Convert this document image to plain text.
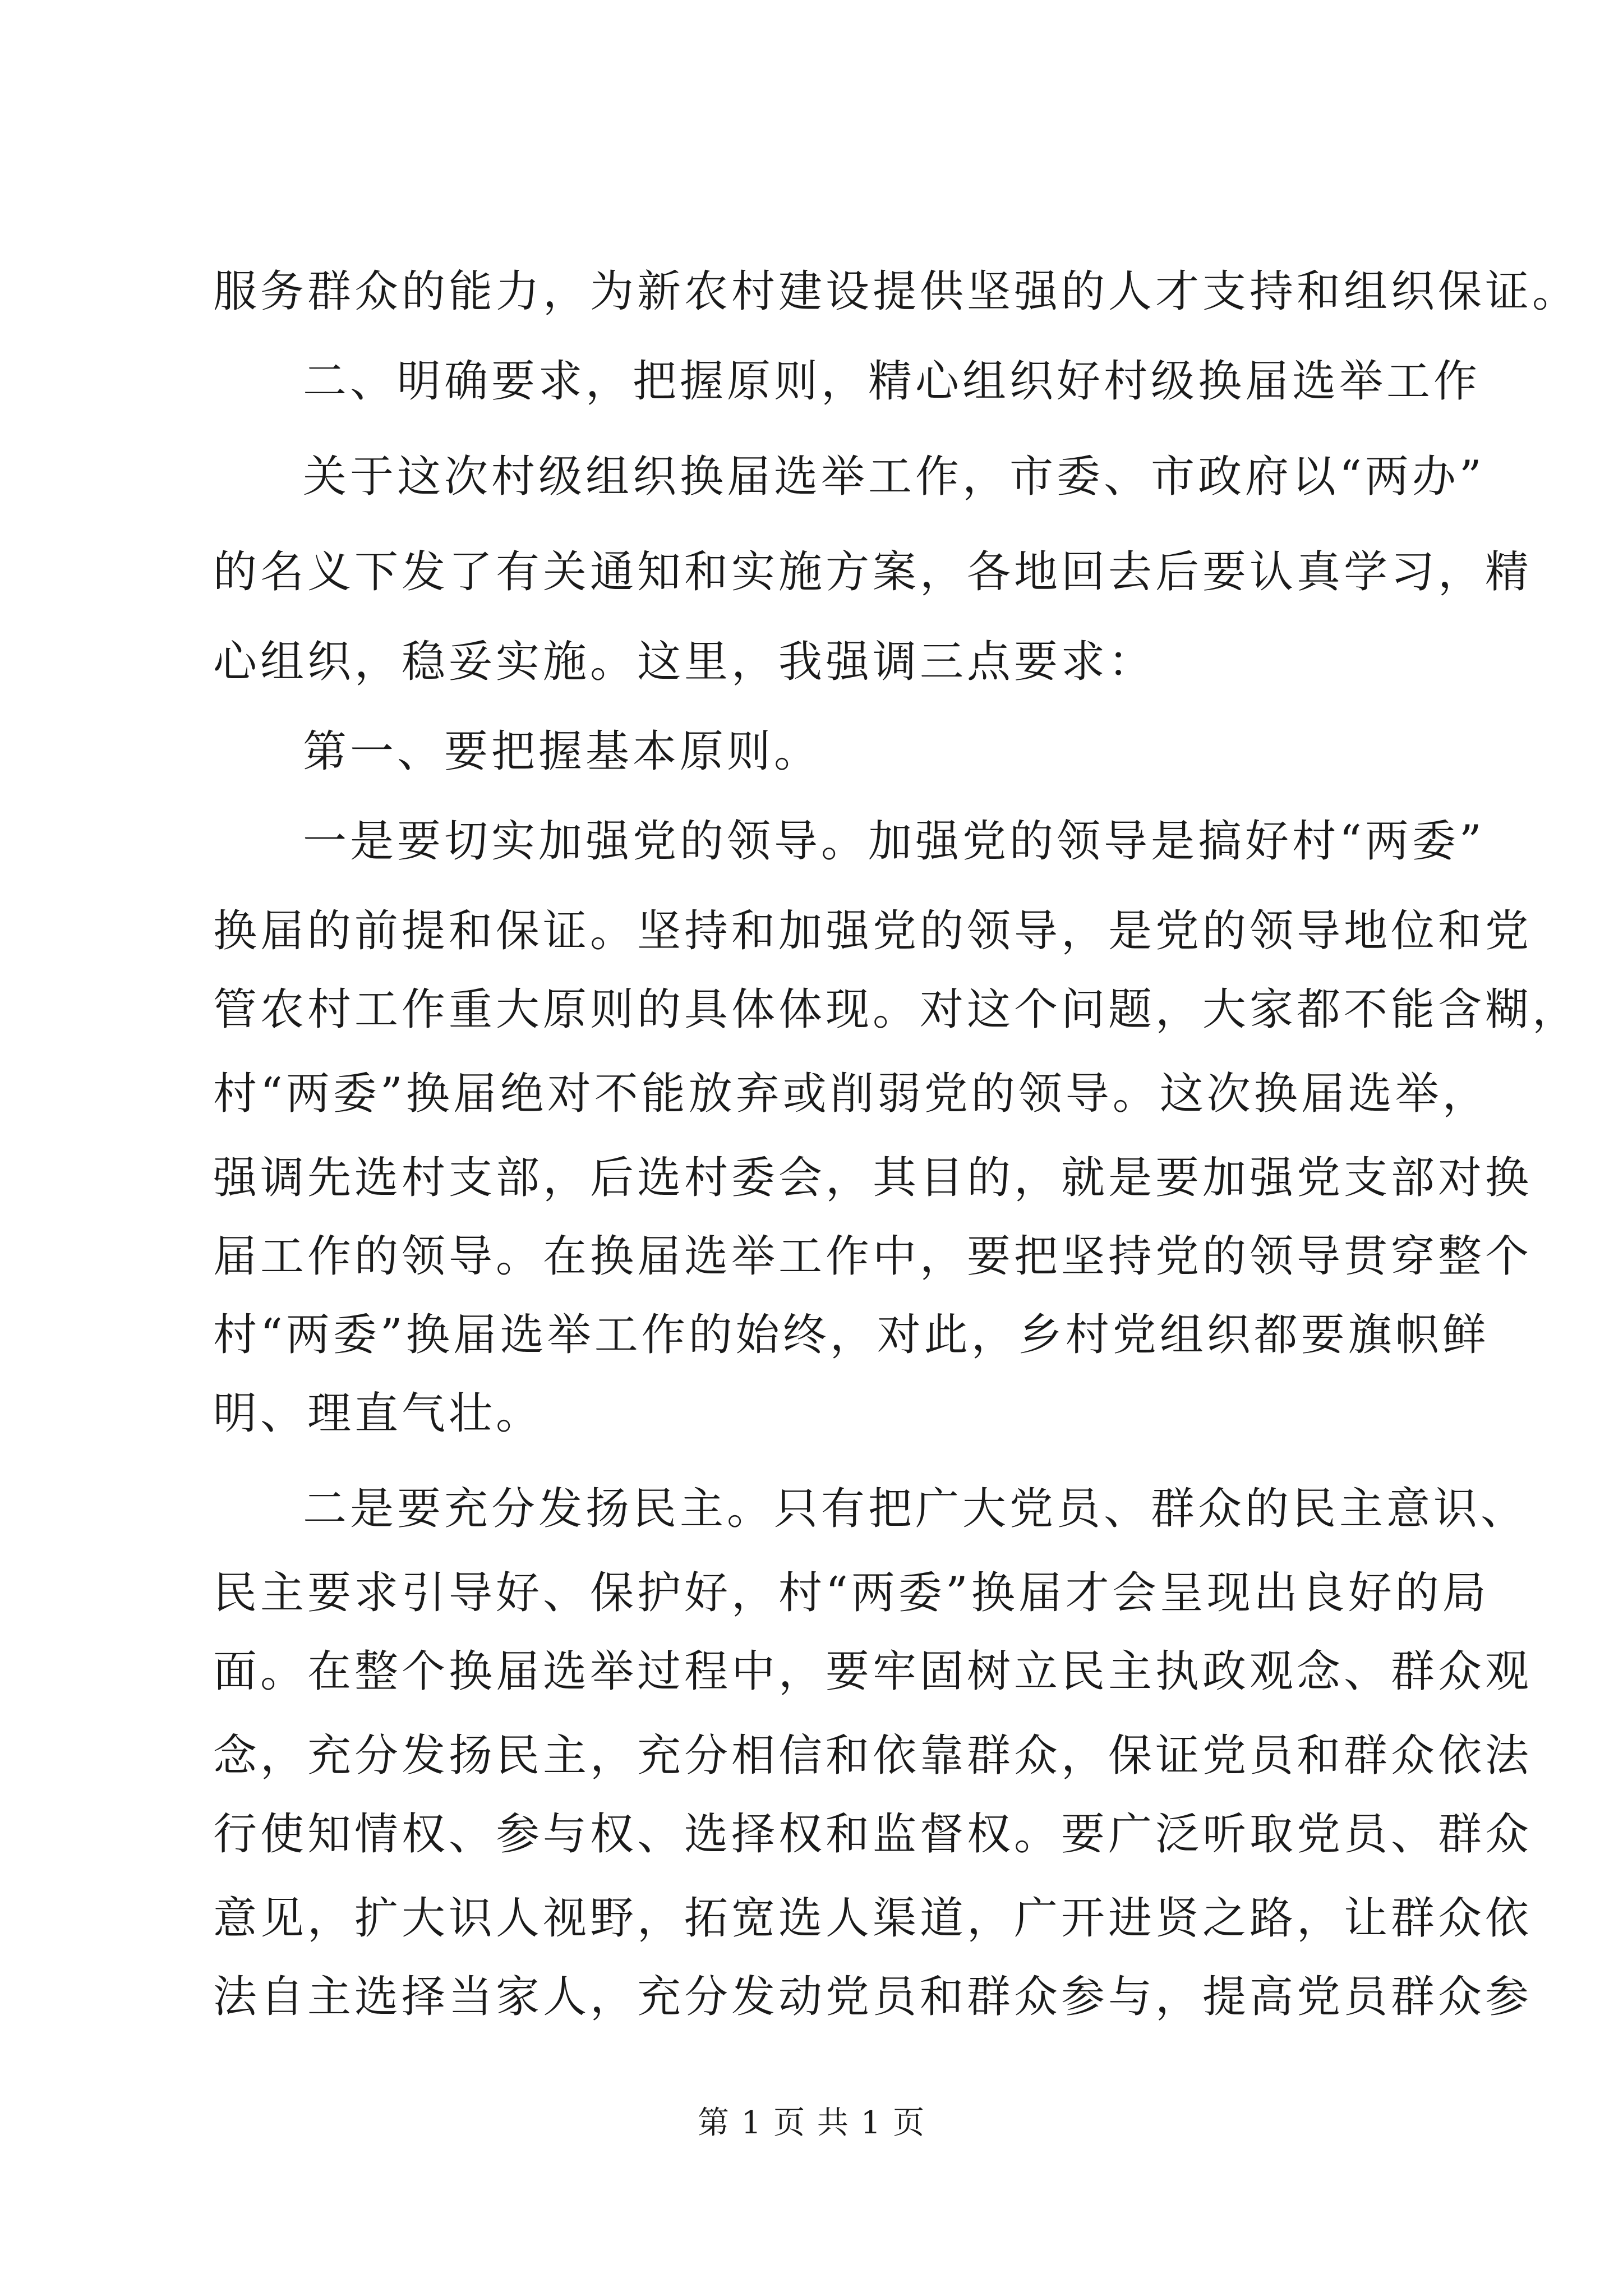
服务群众的能力，为新农村建设提供坚强的人才支持和组织保证。
二、明确要求，把握原则，精心组织好村级换届选举工作
关于这次村级组织换届选举工作，市委、市政府以“两办”
的名义下发了有关通知和实施方案，各地回去后要认真学习，精
心组织，稳妥实施。这里，我强调三点要求：
第一、要把握基本原则。
一是要切实加强党的领导。加强党的领导是搞好村“两委”
换届的前提和保证。坚持和加强党的领导，是党的领导地位和党
管农村工作重大原则的具体体现。对这个问题，大家都不能含糊，
村“两委”换届绝对不能放弃或削弱党的领导。这次换届选举，
强调先选村支部，后选村委会，其目的，就是要加强党支部对换
届工作的领导。在换届选举工作中，要把坚持党的领导贯穿整个
村“两委”换届选举工作的始终，对此，乡村党组织都要旗帜鲜
明、理直气壮。
二是要充分发扬民主。只有把广大党员、群众的民主意识、
民主要求引导好、保护好，村“两委”换届才会呈现出良好的局
面。在整个换届选举过程中，要牢固树立民主执政观念、群众观
念，充分发扬民主，充分相信和依靠群众，保证党员和群众依法
行使知情权、参与权、选择权和监督权。要广泛听取党员、群众
意见，扩大识人视野，拓宽选人渠道，广开进贤之路，让群众依
法自主选择当家人，充分发动党员和群众参与，提高党员群众参
第 1 页 共 1 页
